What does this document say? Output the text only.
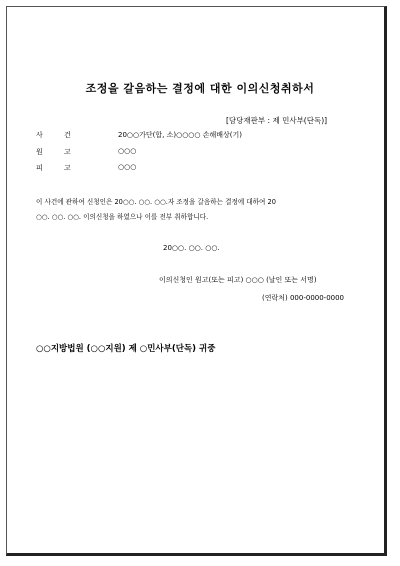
조정을 갈음하는 결정에 대한 이의신청취하서
[담당재판부 : 제 민사부(단독)]
사	건	20○○가단(합, 소)○○○○ 손해배상(기)
원	고	○○○
피	고	○○○
이 사건에 관하여 신청인은 20○○. ○○. ○○.자 조정을 갈음하는 결정에 대하여 20
○○. ○○. ○○. 이의신청을 하였으나 이를 전부 취하합니다.
20○○. ○○. ○○.
이의신청인 원고(또는 피고) ○○○ (날인 또는 서명)
(연락처) 000-0000-0000
○○지방법원 (○○지원) 제 ○민사부(단독) 귀중
